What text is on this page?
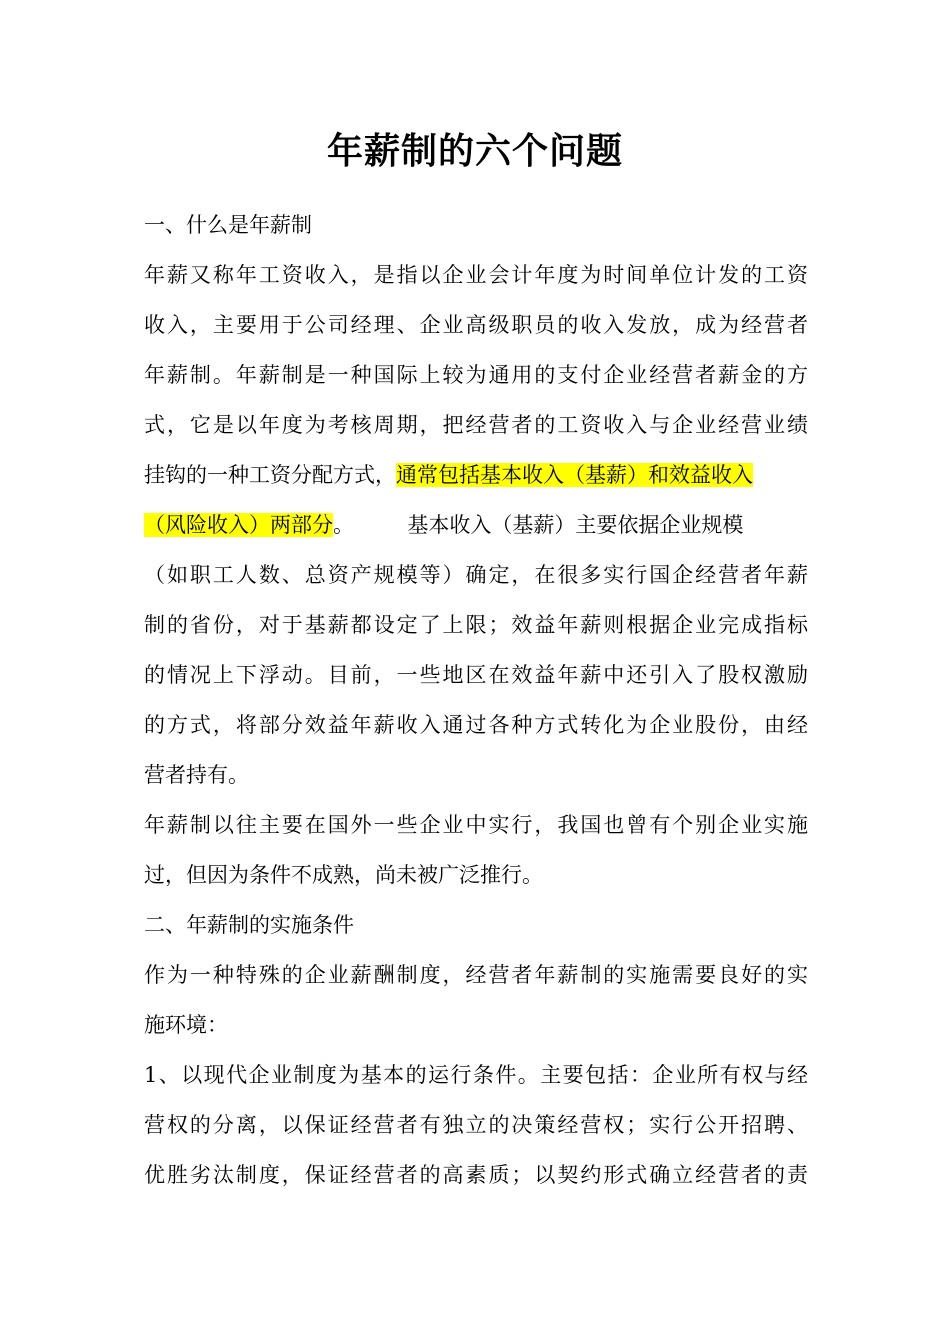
年薪制的六个问题
一、什么是年薪制
年薪又称年工资收入，是指以企业会计年度为时间单位计发的工资
收入，主要用于公司经理、企业高级职员的收入发放，成为经营者
年薪制。年薪制是一种国际上较为通用的支付企业经营者薪金的方
式，它是以年度为考核周期，把经营者的工资收入与企业经营业绩
挂钩的一种工资分配方式，通常包括基本收入（基薪）和效益收入
（风险收入）两部分。        基本收入（基薪）主要依据企业规模
（如职工人数、总资产规模等）确定，在很多实行国企经营者年薪
制的省份，对于基薪都设定了上限；效益年薪则根据企业完成指标
的情况上下浮动。目前，一些地区在效益年薪中还引入了股权激励
的方式，将部分效益年薪收入通过各种方式转化为企业股份，由经
营者持有。
年薪制以往主要在国外一些企业中实行，我国也曾有个别企业实施
过，但因为条件不成熟，尚未被广泛推行。
二、年薪制的实施条件
作为一种特殊的企业薪酬制度，经营者年薪制的实施需要良好的实
施环境：
1、以现代企业制度为基本的运行条件。主要包括：企业所有权与经
营权的分离，以保证经营者有独立的决策经营权；实行公开招聘、
优胜劣汰制度，保证经营者的高素质；以契约形式确立经营者的责
